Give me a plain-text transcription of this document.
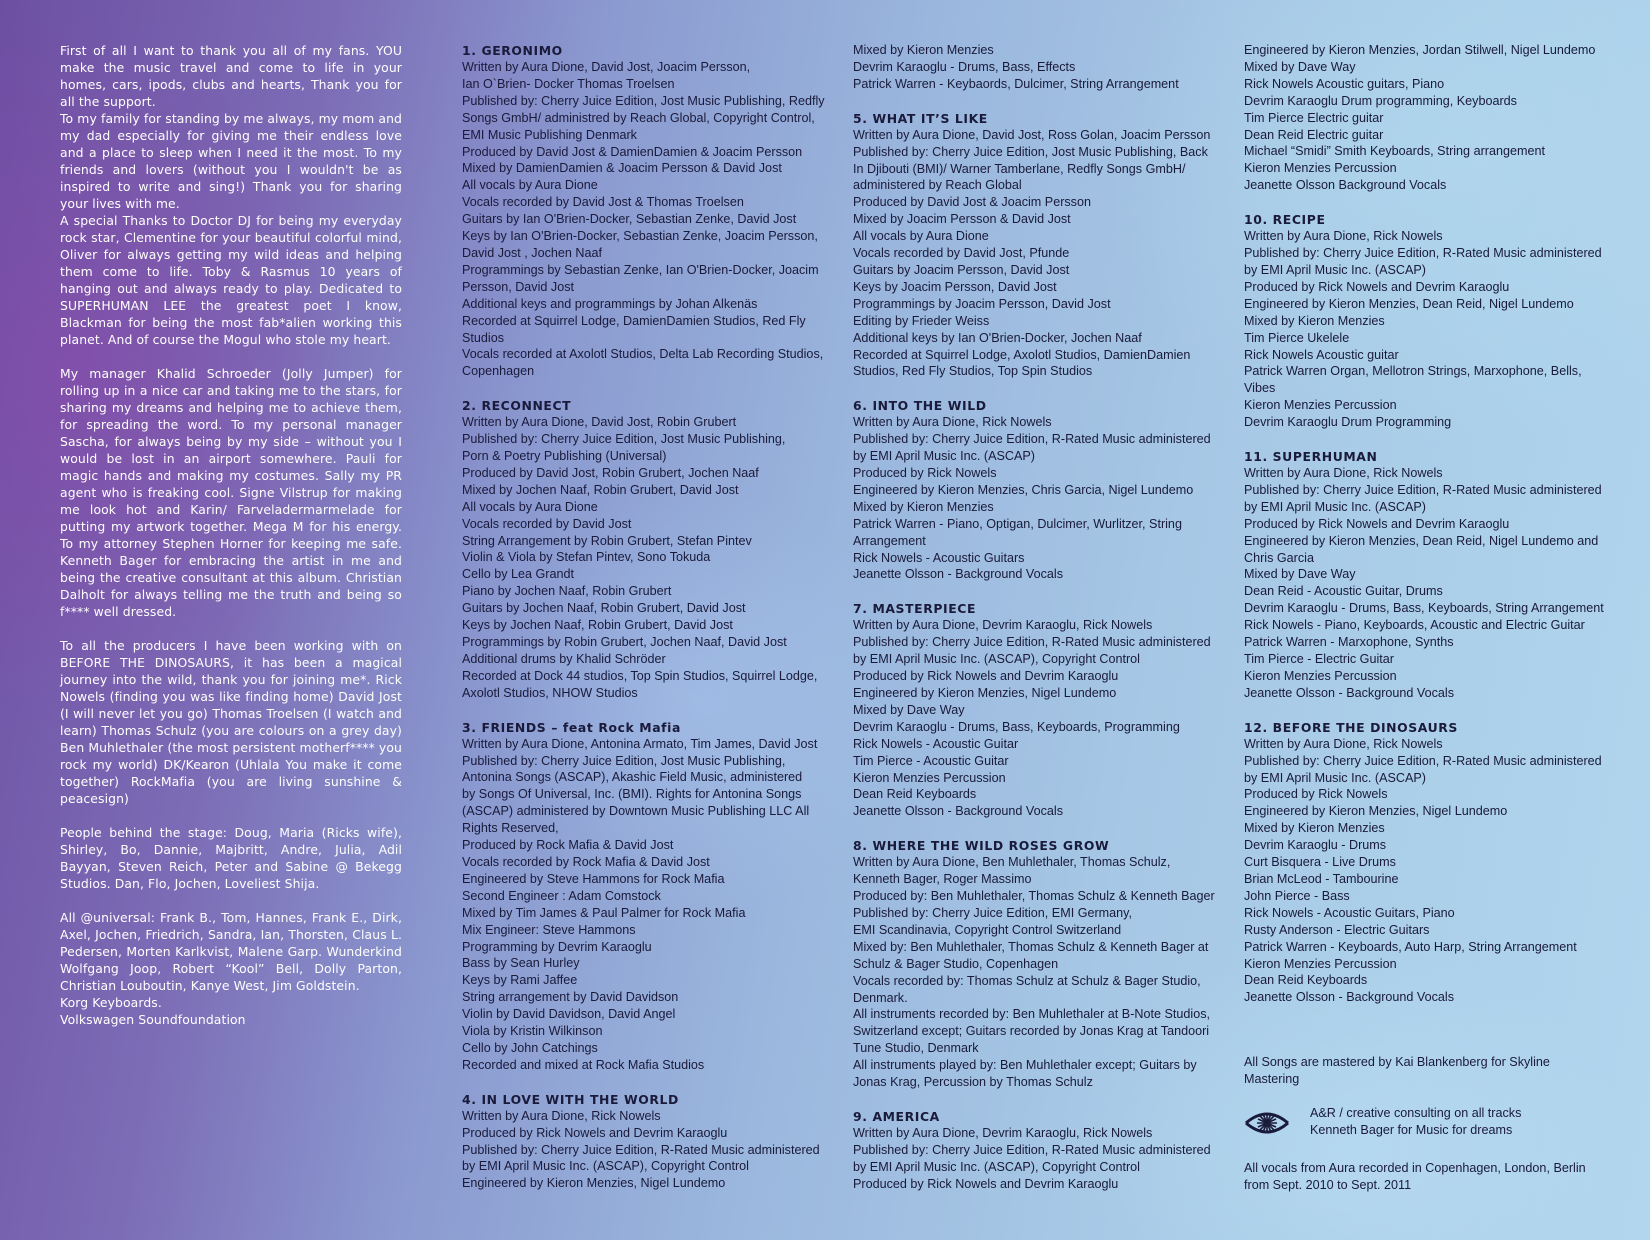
First of all I want to thank you all of my fans. YOU make the music travel and come to life in your homes, cars, ipods, clubs and hearts, Thank you for all the support.

To my family for standing by me always, my mom and my dad especially for giving me their endless love and a place to sleep when I need it the most. To my friends and lovers (without you I wouldn't be as inspired to write and sing!) Thank you for sharing your lives with me.

A special Thanks to Doctor DJ for being my everyday rock star, Clementine for your beautiful colorful mind, Oliver for always getting my wild ideas and helping them come to life. Toby & Rasmus 10 years of hanging out and always ready to play. Dedicated to SUPERHUMAN LEE the greatest poet I know, Blackman for being the most fab*alien working this planet. And of course the Mogul who stole my heart.

My manager Khalid Schroeder (Jolly Jumper) for rolling up in a nice car and taking me to the stars, for sharing my dreams and helping me to achieve them, for spreading the word. To my personal manager Sascha, for always being by my side – without you I would be lost in an airport somewhere. Pauli for magic hands and making my costumes. Sally my PR agent who is freaking cool. Signe Vilstrup for making me look hot and Karin/ Farveladermarmelade for putting my artwork together. Mega M for his energy. To my attorney Stephen Horner for keeping me safe. Kenneth Bager for embracing the artist in me and being the creative consultant at this album. Christian Dalholt for always telling me the truth and being so f**** well dressed.

To all the producers I have been working with on BEFORE THE DINOSAURS, it has been a magical journey into the wild, thank you for joining me*. Rick Nowels (finding you was like finding home) David Jost (I will never let you go) Thomas Troelsen (I watch and learn) Thomas Schulz (you are colours on a grey day) Ben Muhlethaler (the most persistent motherf**** you rock my world) DK/Kearon (Uhlala You make it come together) RockMafia (you are living sunshine & peacesign)

People behind the stage: Doug, Maria (Ricks wife), Shirley, Bo, Dannie, Majbritt, Andre, Julia, Adil Bayyan, Steven Reich, Peter and Sabine @ Bekegg Studios. Dan, Flo, Jochen, Loveliest Shija.

All @universal: Frank B., Tom, Hannes, Frank E., Dirk, Axel, Jochen, Friedrich, Sandra, Ian, Thorsten, Claus L. Pedersen, Morten Karlkvist, Malene Garp. Wunderkind Wolfgang Joop, Robert “Kool” Bell, Dolly Parton, Christian Louboutin, Kanye West, Jim Goldstein.

Korg Keyboards.

Volkswagen Soundfoundation

1. GERONIMO
Written by Aura Dione, David Jost, Joacim Persson,
Ian O`Brien- Docker Thomas Troelsen
Published by: Cherry Juice Edition, Jost Music Publishing, Redfly
Songs GmbH/ administred by Reach Global, Copyright Control,
EMI Music Publishing Denmark
Produced by David Jost & DamienDamien & Joacim Persson
Mixed by DamienDamien & Joacim Persson & David Jost
All vocals by Aura Dione
Vocals recorded by David Jost & Thomas Troelsen
Guitars by Ian O'Brien-Docker, Sebastian Zenke, David Jost
Keys by Ian O'Brien-Docker, Sebastian Zenke, Joacim Persson,
David Jost , Jochen Naaf
Programmings by Sebastian Zenke, Ian O'Brien-Docker, Joacim
Persson, David Jost
Additional keys and programmings by Johan Alkenäs
Recorded at Squirrel Lodge, DamienDamien Studios, Red Fly
Studios
Vocals recorded at Axolotl Studios, Delta Lab Recording Studios,
Copenhagen
2. RECONNECT
Written by Aura Dione, David Jost, Robin Grubert
Published by: Cherry Juice Edition, Jost Music Publishing,
Porn & Poetry Publishing (Universal)
Produced by David Jost, Robin Grubert, Jochen Naaf
Mixed by Jochen Naaf, Robin Grubert, David Jost
All vocals by Aura Dione
Vocals recorded by David Jost
String Arrangement by Robin Grubert, Stefan Pintev
Violin & Viola by Stefan Pintev, Sono Tokuda
Cello by Lea Grandt
Piano by Jochen Naaf, Robin Grubert
Guitars by Jochen Naaf, Robin Grubert, David Jost
Keys by Jochen Naaf, Robin Grubert, David Jost
Programmings by Robin Grubert, Jochen Naaf, David Jost
Additional drums by Khalid Schröder
Recorded at Dock 44 studios, Top Spin Studios, Squirrel Lodge,
Axolotl Studios, NHOW Studios
3. FRIENDS – feat Rock Mafia
Written by Aura Dione, Antonina Armato, Tim James, David Jost
Published by: Cherry Juice Edition, Jost Music Publishing,
Antonina Songs (ASCAP), Akashic Field Music, administered
by Songs Of Universal, Inc. (BMI). Rights for Antonina Songs
(ASCAP) administered by Downtown Music Publishing LLC All
Rights Reserved,
Produced by Rock Mafia & David Jost
Vocals recorded by Rock Mafia & David Jost
Engineered by Steve Hammons for Rock Mafia
Second Engineer : Adam Comstock
Mixed by Tim James & Paul Palmer for Rock Mafia
Mix Engineer: Steve Hammons
Programming by Devrim Karaoglu
Bass by Sean Hurley
Keys by Rami Jaffee
String arrangement by David Davidson
Violin by David Davidson, David Angel
Viola by Kristin Wilkinson
Cello by John Catchings
Recorded and mixed at Rock Mafia Studios
4. IN LOVE WITH THE WORLD
Written by Aura Dione, Rick Nowels
Produced by Rick Nowels and Devrim Karaoglu
Published by: Cherry Juice Edition, R-Rated Music administered
by EMI April Music Inc. (ASCAP), Copyright Control
Engineered by Kieron Menzies, Nigel Lundemo
Mixed by Kieron Menzies
Devrim Karaoglu - Drums, Bass, Effects
Patrick Warren - Keybaords, Dulcimer, String Arrangement
5. WHAT IT’S LIKE
Written by Aura Dione, David Jost, Ross Golan, Joacim Persson
Published by: Cherry Juice Edition, Jost Music Publishing, Back
In Djibouti (BMI)/ Warner Tamberlane, Redfly Songs GmbH/
administered by Reach Global
Produced by David Jost & Joacim Persson
Mixed by Joacim Persson & David Jost
All vocals by Aura Dione
Vocals recorded by David Jost, Pfunde
Guitars by Joacim Persson, David Jost
Keys by Joacim Persson, David Jost
Programmings by Joacim Persson, David Jost
Editing by Frieder Weiss
Additional keys by Ian O'Brien-Docker, Jochen Naaf
Recorded at Squirrel Lodge, Axolotl Studios, DamienDamien
Studios, Red Fly Studios, Top Spin Studios
6. INTO THE WILD
Written by Aura Dione, Rick Nowels
Published by: Cherry Juice Edition, R-Rated Music administered
by EMI April Music Inc. (ASCAP)
Produced by Rick Nowels
Engineered by Kieron Menzies, Chris Garcia, Nigel Lundemo
Mixed by Kieron Menzies
Patrick Warren - Piano, Optigan, Dulcimer, Wurlitzer, String
Arrangement
Rick Nowels - Acoustic Guitars
Jeanette Olsson - Background Vocals
7. MASTERPIECE
Written by Aura Dione, Devrim Karaoglu, Rick Nowels
Published by: Cherry Juice Edition, R-Rated Music administered
by EMI April Music Inc. (ASCAP), Copyright Control
Produced by Rick Nowels and Devrim Karaoglu
Engineered by Kieron Menzies, Nigel Lundemo
Mixed by Dave Way
Devrim Karaoglu - Drums, Bass, Keyboards, Programming
Rick Nowels - Acoustic Guitar
Tim Pierce - Acoustic Guitar
Kieron Menzies Percussion
Dean Reid Keyboards
Jeanette Olsson - Background Vocals
8. WHERE THE WILD ROSES GROW
Written by Aura Dione, Ben Muhlethaler, Thomas Schulz,
Kenneth Bager, Roger Massimo
Produced by: Ben Muhlethaler, Thomas Schulz & Kenneth Bager
Published by: Cherry Juice Edition, EMI Germany,
EMI Scandinavia, Copyright Control Switzerland
Mixed by: Ben Muhlethaler, Thomas Schulz & Kenneth Bager at
Schulz & Bager Studio, Copenhagen
Vocals recorded by: Thomas Schulz at Schulz & Bager Studio,
Denmark.
All instruments recorded by: Ben Muhlethaler at B-Note Studios,
Switzerland except; Guitars recorded by Jonas Krag at Tandoori
Tune Studio, Denmark
All instruments played by: Ben Muhlethaler except; Guitars by
Jonas Krag, Percussion by Thomas Schulz
9. AMERICA
Written by Aura Dione, Devrim Karaoglu, Rick Nowels
Published by: Cherry Juice Edition, R-Rated Music administered
by EMI April Music Inc. (ASCAP), Copyright Control
Produced by Rick Nowels and Devrim Karaoglu
Engineered by Kieron Menzies, Jordan Stilwell, Nigel Lundemo
Mixed by Dave Way
Rick Nowels Acoustic guitars, Piano
Devrim Karaoglu Drum programming, Keyboards
Tim Pierce Electric guitar
Dean Reid Electric guitar
Michael “Smidi” Smith Keyboards, String arrangement
Kieron Menzies Percussion
Jeanette Olsson Background Vocals
10. RECIPE
Written by Aura Dione, Rick Nowels
Published by: Cherry Juice Edition, R-Rated Music administered
by EMI April Music Inc. (ASCAP)
Produced by Rick Nowels and Devrim Karaoglu
Engineered by Kieron Menzies, Dean Reid, Nigel Lundemo
Mixed by Kieron Menzies
Tim Pierce Ukelele
Rick Nowels Acoustic guitar
Patrick Warren Organ, Mellotron Strings, Marxophone, Bells,
Vibes
Kieron Menzies Percussion
Devrim Karaoglu Drum Programming
11. SUPERHUMAN
Written by Aura Dione, Rick Nowels
Published by: Cherry Juice Edition, R-Rated Music administered
by EMI April Music Inc. (ASCAP)
Produced by Rick Nowels and Devrim Karaoglu
Engineered by Kieron Menzies, Dean Reid, Nigel Lundemo and
Chris Garcia
Mixed by Dave Way
Dean Reid - Acoustic Guitar, Drums
Devrim Karaoglu - Drums, Bass, Keyboards, String Arrangement
Rick Nowels - Piano, Keyboards, Acoustic and Electric Guitar
Patrick Warren - Marxophone, Synths
Tim Pierce - Electric Guitar
Kieron Menzies Percussion
Jeanette Olsson - Background Vocals
12. BEFORE THE DINOSAURS
Written by Aura Dione, Rick Nowels
Published by: Cherry Juice Edition, R-Rated Music administered
by EMI April Music Inc. (ASCAP)
Produced by Rick Nowels
Engineered by Kieron Menzies, Nigel Lundemo
Mixed by Kieron Menzies
Devrim Karaoglu - Drums
Curt Bisquera - Live Drums
Brian McLeod - Tambourine
John Pierce - Bass
Rick Nowels - Acoustic Guitars, Piano
Rusty Anderson - Electric Guitars
Patrick Warren - Keyboards, Auto Harp, String Arrangement
Kieron Menzies Percussion
Dean Reid Keyboards
Jeanette Olsson - Background Vocals
All Songs are mastered by Kai Blankenberg for Skyline
Mastering
A&R / creative consulting on all tracks
Kenneth Bager for Music for dreams
All vocals from Aura recorded in Copenhagen, London, Berlin
from Sept. 2010 to Sept. 2011
